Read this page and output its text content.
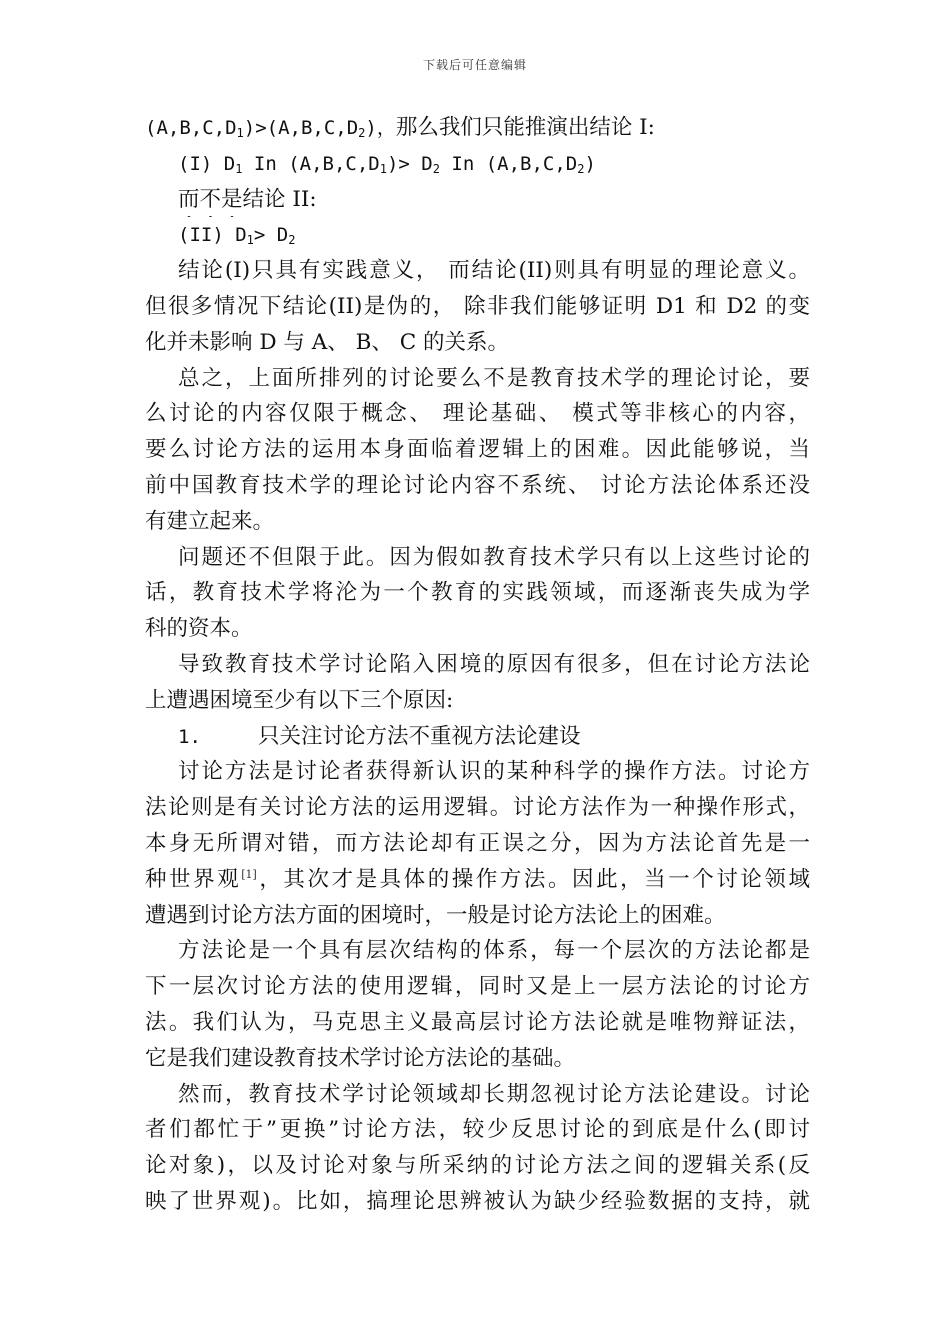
下载后可任意编辑
$(A,B,C,D_1)>(A,B,C,D_2)$，那么我们只能推演出结论 I:
(I) $D_1$ In $(A,B,C,D_1)> D_2$ In $(A,B,C,D_2)$
而不是结论 II:
(II) $D_1> D_2$
结论(I)只具有实践意义， 而结论(II)则具有明显的理论意义。
但很多情况下结论(II)是伪的， 除非我们能够证明 D1 和 D2 的变
化并未影响 D 与 A、 B、 C 的关系。
总之，上面所排列的讨论要么不是教育技术学的理论讨论，要
么讨论的内容仅限于概念、 理论基础、 模式等非核心的内容，
要么讨论方法的运用本身面临着逻辑上的困难。因此能够说，当
前中国教育技术学的理论讨论内容不系统、 讨论方法论体系还没
有建立起来。
问题还不但限于此。因为假如教育技术学只有以上这些讨论的
话，教育技术学将沦为一个教育的实践领域，而逐渐丧失成为学
科的资本。
导致教育技术学讨论陷入困境的原因有很多，但在讨论方法论
上遭遇困境至少有以下三个原因:
1.	只关注讨论方法不重视方法论建设
讨论方法是讨论者获得新认识的某种科学的操作方法。讨论方
法论则是有关讨论方法的运用逻辑。讨论方法作为一种操作形式，
本身无所谓对错，而方法论却有正误之分，因为方法论首先是一
种世界观[1]，其次才是具体的操作方法。因此，当一个讨论领域
遭遇到讨论方法方面的困境时，一般是讨论方法论上的困难。
方法论是一个具有层次结构的体系，每一个层次的方法论都是
下一层次讨论方法的使用逻辑，同时又是上一层方法论的讨论方
法。我们认为，马克思主义最高层讨论方法论就是唯物辩证法，
它是我们建设教育技术学讨论方法论的基础。
然而，教育技术学讨论领域却长期忽视讨论方法论建设。讨论
者们都忙于”更换”讨论方法，较少反思讨论的到底是什么(即讨
论对象)，以及讨论对象与所采纳的讨论方法之间的逻辑关系(反
映了世界观)。比如，搞理论思辨被认为缺少经验数据的支持，就
